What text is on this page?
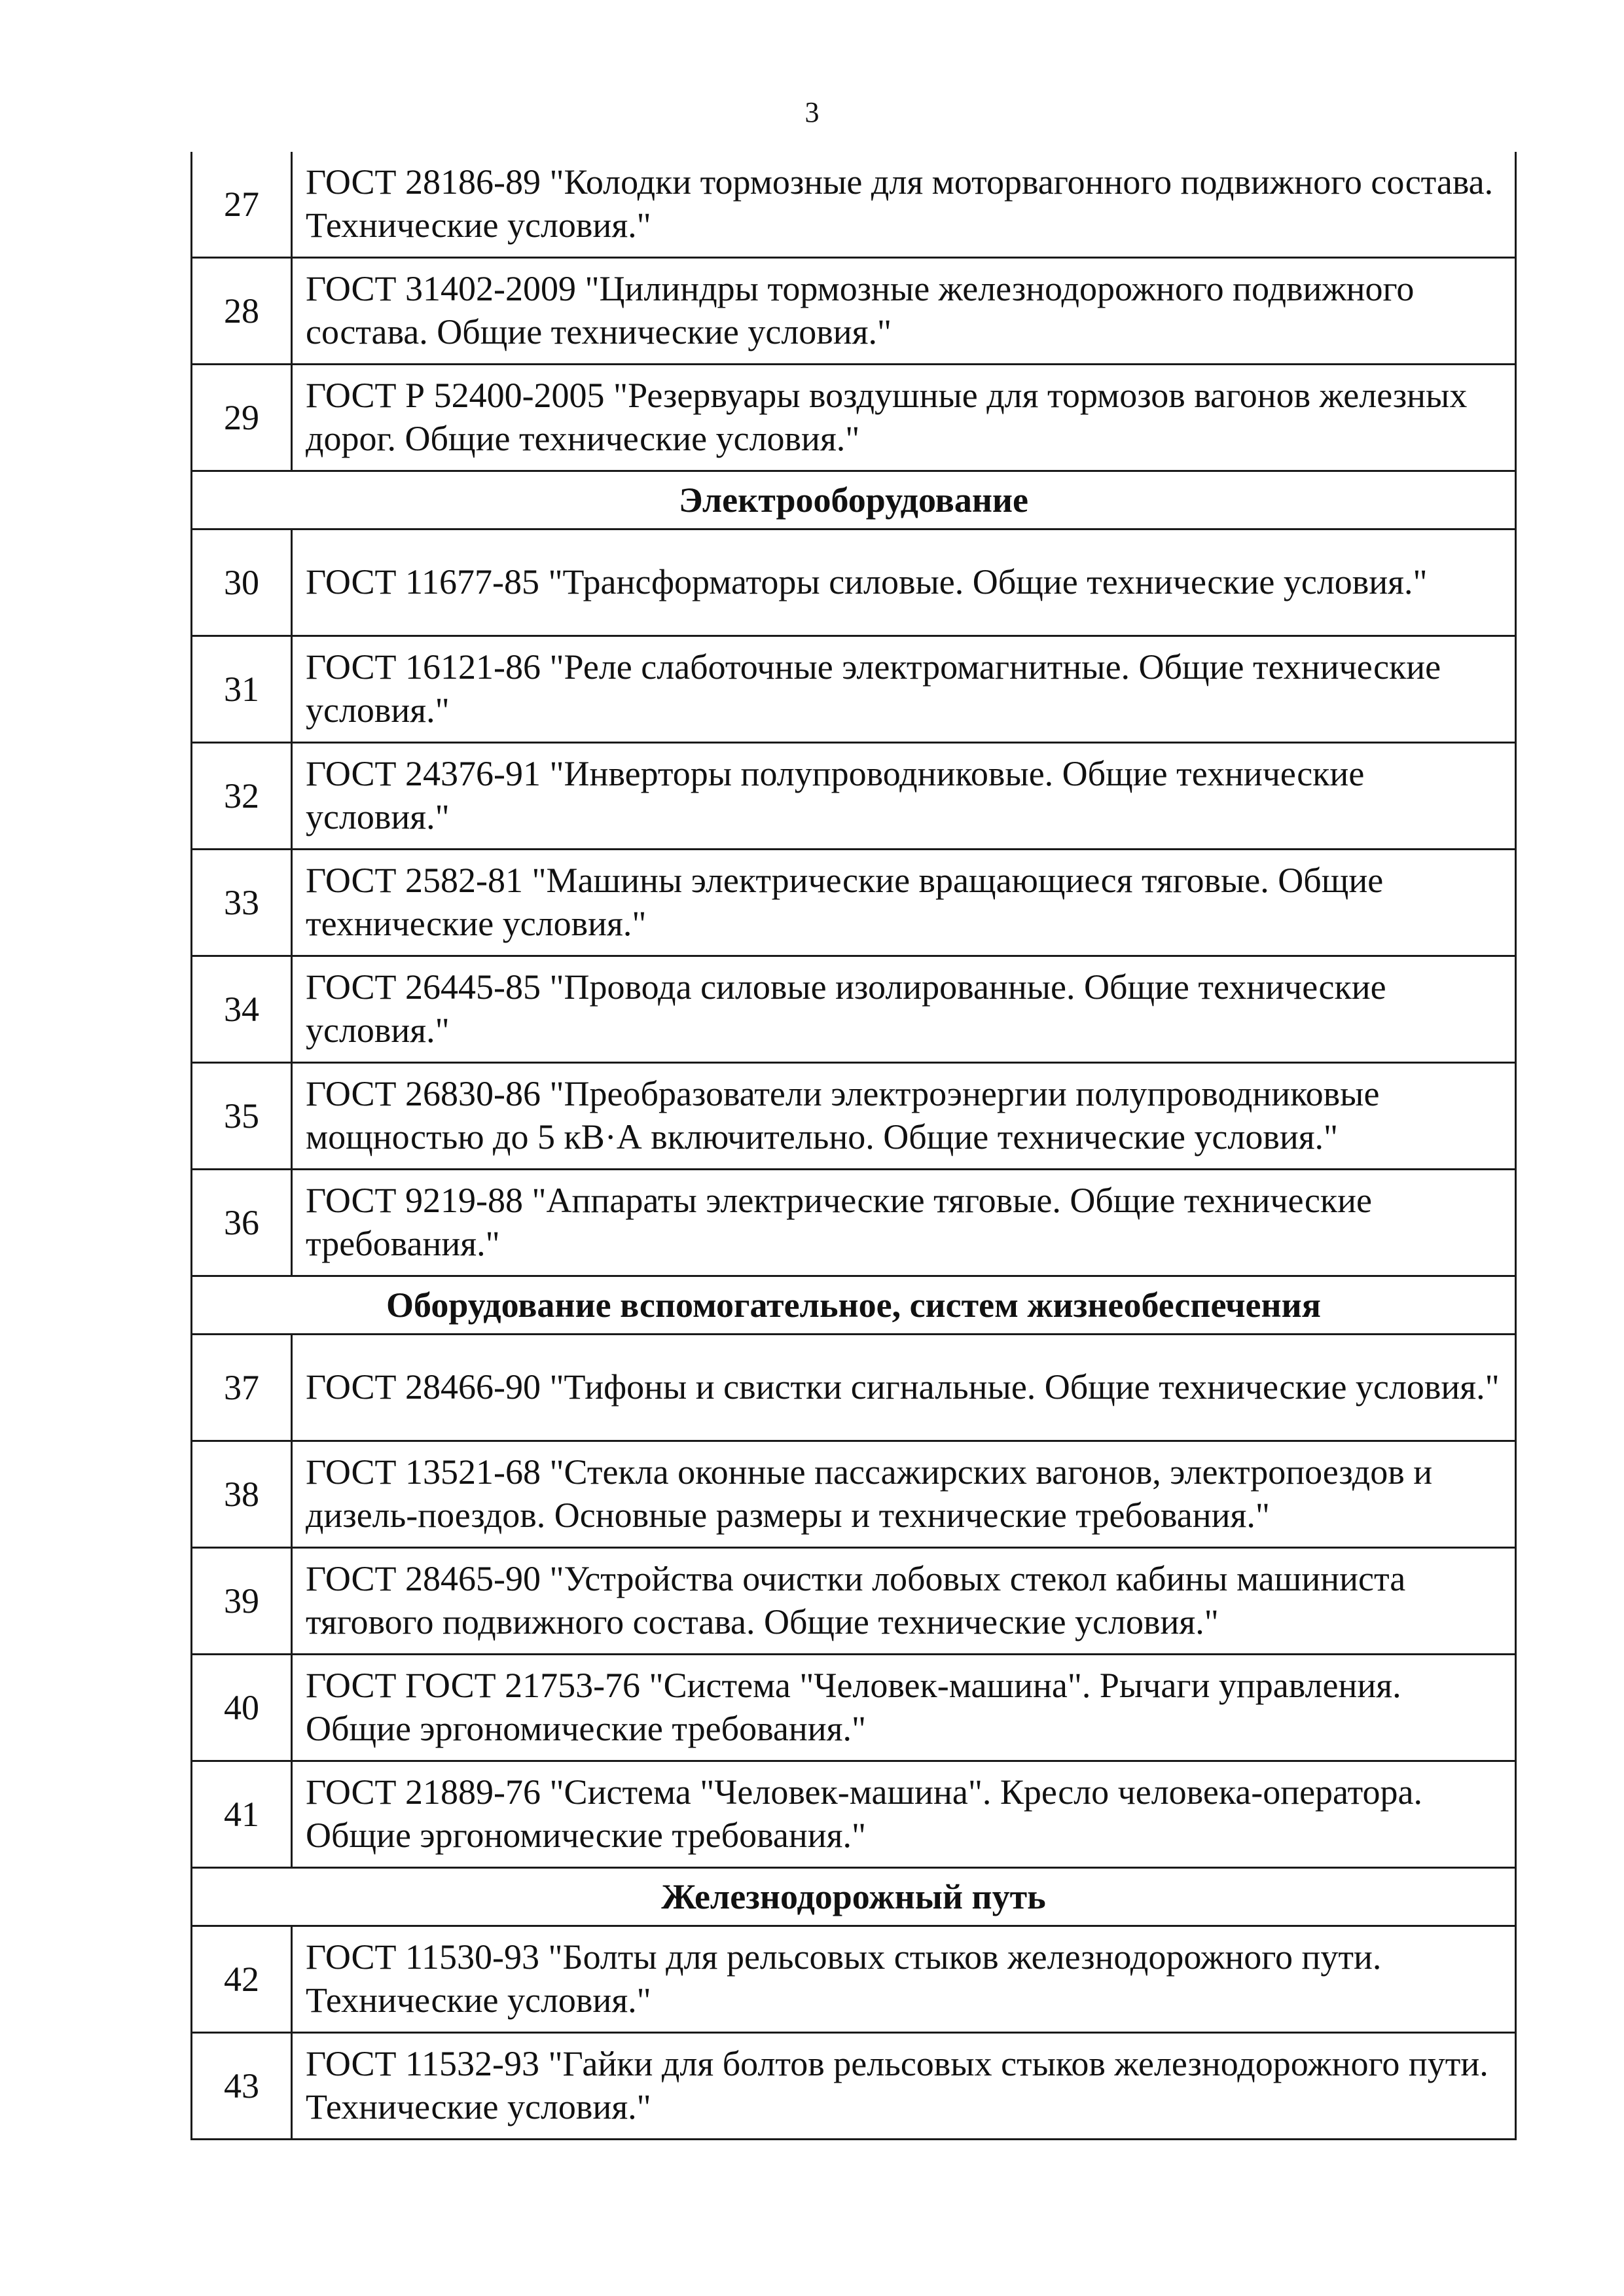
3
27	ГОСТ 28186-89 "Колодки тормозные для моторвагонного подвижного состава. Технические условия."
28	ГОСТ 31402-2009 "Цилиндры тормозные железнодорожного подвижного состава. Общие технические условия."
29	ГОСТ Р 52400-2005 "Резервуары воздушные для тормозов вагонов железных дорог. Общие технические условия."
Электрооборудование	
30	ГОСТ 11677-85 "Трансформаторы силовые. Общие технические условия."
31	ГОСТ 16121-86 "Реле слаботочные электромагнитные. Общие технические условия."
32	ГОСТ 24376-91 "Инверторы полупроводниковые. Общие технические условия."
33	ГОСТ 2582-81 "Машины электрические вращающиеся тяговые. Общие технические условия."
34	ГОСТ 26445-85 "Провода силовые изолированные. Общие технические условия."
35	ГОСТ 26830-86 "Преобразователи электроэнергии полупроводниковые мощностью до 5 кВ·А включительно. Общие технические условия."
36	ГОСТ 9219-88 "Аппараты электрические тяговые. Общие технические требования."
Оборудование вспомогательное, систем жизнеобеспечения	
37	ГОСТ 28466-90 "Тифоны и свистки сигнальные. Общие технические условия."
38	ГОСТ 13521-68 "Стекла оконные пассажирских вагонов, электропоездов и дизель-поездов. Основные размеры и технические требования."
39	ГОСТ 28465-90 "Устройства очистки лобовых стекол кабины машиниста тягового подвижного состава. Общие технические условия."
40	ГОСТ ГОСТ 21753-76 "Система "Человек-машина". Рычаги управления. Общие эргономические требования."
41	ГОСТ 21889-76 "Система "Человек-машина". Кресло человека-оператора. Общие эргономические требования."
Железнодорожный путь	
42	ГОСТ 11530-93 "Болты для рельсовых стыков железнодорожного пути. Технические условия."
43	ГОСТ 11532-93 "Гайки для болтов рельсовых стыков железнодорожного пути. Технические условия."
